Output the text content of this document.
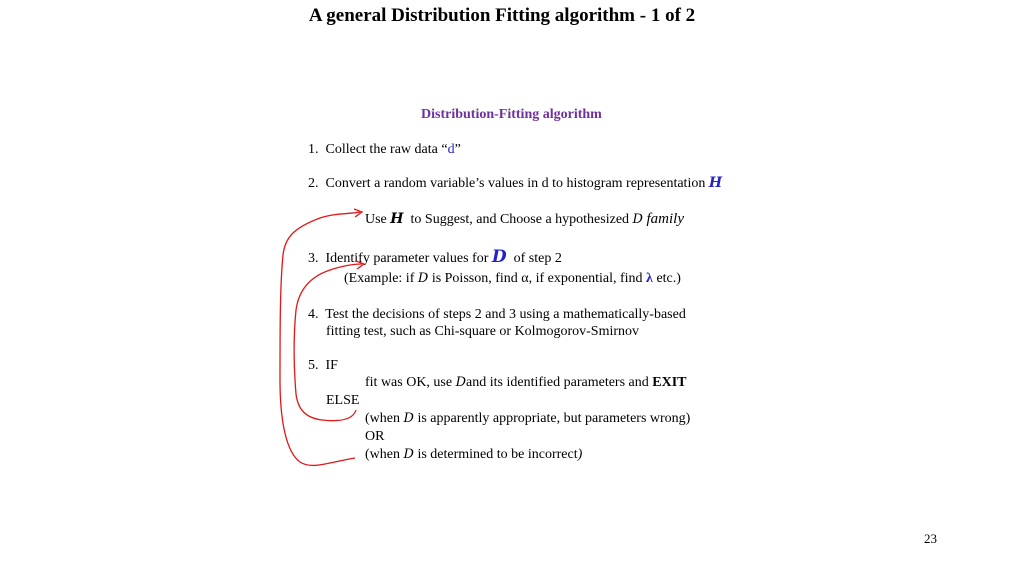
A general Distribution Fitting algorithm - 1 of 2
Distribution-Fitting algorithm
1. Collect the raw data “d”
2. Convert a random variable’s values in d to histogram representation H
Use H to Suggest, and Choose a hypothesized D family
3. Identify parameter values for D of step 2
(Example: if D is Poisson, find α, if exponential, find λ etc.)
4. Test the decisions of steps 2 and 3 using a mathematically-based
fitting test, such as Chi-square or Kolmogorov-Smirnov
5. IF
fit was OK, use Dand its identified parameters and EXIT
ELSE
(when D is apparently appropriate, but parameters wrong)
OR
(when D is determined to be incorrect)
23
